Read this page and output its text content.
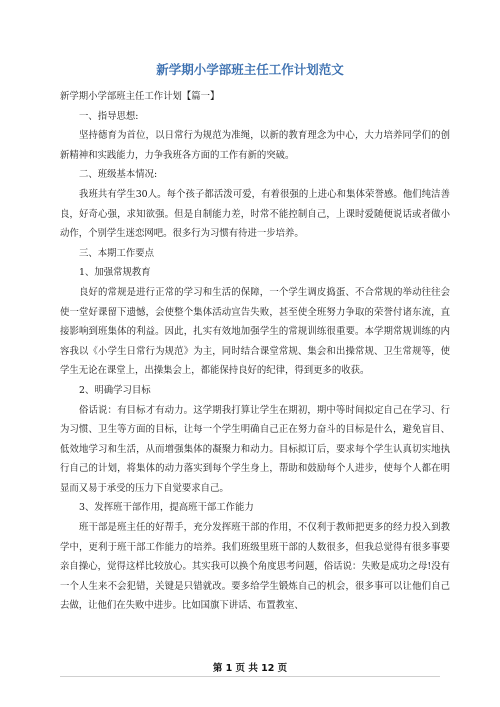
新学期小学部班主任工作计划范文

新学期小学部班主任工作计划【篇一】

一、指导思想:

坚持德育为首位，以日常行为规范为准绳，以新的教育理念为中心，大力培养同学们的创新精神和实践能力，力争我班各方面的工作有新的突破。

二、班级基本情况:

我班共有学生30人。每个孩子都活泼可爱，有着很强的上进心和集体荣誉感。他们纯洁善良，好奇心强，求知欲强。但是自制能力差，时常不能控制自己，上课时爱随便说话或者做小动作，个别学生迷恋网吧。很多行为习惯有待进一步培养。

三、本期工作要点

1、加强常规教育

良好的常规是进行正常的学习和生活的保障，一个学生调皮捣蛋、不合常规的举动往往会使一堂好课留下遗憾，会使整个集体活动宣告失败，甚至使全班努力争取的荣誉付诸东流，直接影响到班集体的利益。因此，扎实有效地加强学生的常规训练很重要。本学期常规训练的内容我以《小学生日常行为规范》为主，同时结合课堂常规、集会和出操常规、卫生常规等，使学生无论在课堂上，出操集会上，都能保持良好的纪律，得到更多的收获。

2、明确学习目标

俗话说：有目标才有动力。这学期我打算让学生在期初，期中等时间拟定自己在学习、行为习惯、卫生等方面的目标，让每一个学生明确自己正在努力奋斗的目标是什么，避免盲目、低效地学习和生活，从而增强集体的凝聚力和动力。目标拟订后，要求每个学生认真切实地执行自己的计划，将集体的动力落实到每个学生身上，帮助和鼓励每个人进步，使每个人都在明显而又易于承受的压力下自觉要求自己。

3、发挥班干部作用，提高班干部工作能力

班干部是班主任的好帮手，充分发挥班干部的作用，不仅利于教师把更多的经力投入到教学中，更利于班干部工作能力的培养。我们班级里班干部的人数很多，但我总觉得有很多事要亲自操心，觉得这样比较放心。其实我可以换个角度思考问题，俗话说：失败是成功之母!没有一个人生来不会犯错，关键是只错就改。要多给学生锻炼自己的机会，很多事可以让他们自己去做，让他们在失败中进步。比如国旗下讲话、布置教室、

第 1 页 共 12 页
